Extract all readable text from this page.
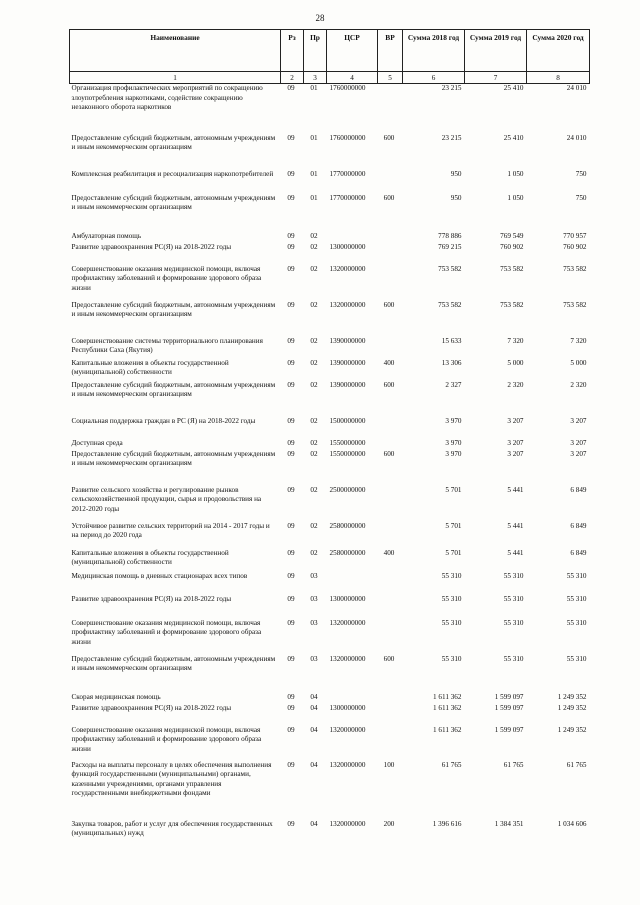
28
Наименование	Рз	Пр	ЦСР	ВР	Сумма 2018 год	Сумма 2019 год	Сумма 2020 год
1	2	3	4	5	6	7	8
Организация профилактических мероприятий по сокращению злоупотребления наркотиками, содействие сокращению незаконного оборота наркотиков	09	01	1760000000		23 215	25 410	24 010
Предоставление субсидий бюджетным, автономным учреждениям и иным некоммерческим организациям	09	01	1760000000	600	23 215	25 410	24 010
Комплексная реабилитация и ресоциализация наркопотребителей	09	01	1770000000		950	1 050	750
Предоставление субсидий бюджетным, автономным учреждениям и иным некоммерческим организациям	09	01	1770000000	600	950	1 050	750
Амбулаторная помощь	09	02			778 886	769 549	770 957
Развитие здравоохранения РС(Я) на 2018-2022 годы	09	02	1300000000		769 215	760 902	760 902
Совершенствование оказания медицинской помощи, включая профилактику заболеваний и формирование здорового образа жизни	09	02	1320000000		753 582	753 582	753 582
Предоставление субсидий бюджетным, автономным учреждениям и иным некоммерческим организациям	09	02	1320000000	600	753 582	753 582	753 582
Совершенствование системы территориального планирования Республики Саха (Якутия)	09	02	1390000000		15 633	7 320	7 320
Капитальные вложения в объекты государственной (муниципальной) собственности	09	02	1390000000	400	13 306	5 000	5 000
Предоставление субсидий бюджетным, автономным учреждениям и иным некоммерческим организациям	09	02	1390000000	600	2 327	2 320	2 320
Социальная поддержка граждан в РС (Я) на 2018-2022 годы	09	02	1500000000		3 970	3 207	3 207
Доступная среда	09	02	1550000000		3 970	3 207	3 207
Предоставление субсидий бюджетным, автономным учреждениям и иным некоммерческим организациям	09	02	1550000000	600	3 970	3 207	3 207
Развитие сельского хозяйства и регулирование рынков сельскохозяйственной продукции, сырья и продовольствия на 2012-2020 годы	09	02	2500000000		5 701	5 441	6 849
Устойчивое развитие сельских территорий на 2014 - 2017 годы и на период до 2020 года	09	02	2580000000		5 701	5 441	6 849
Капитальные вложения в объекты государственной (муниципальной) собственности	09	02	2580000000	400	5 701	5 441	6 849
Медицинская помощь в дневных стационарах всех типов	09	03			55 310	55 310	55 310
Развитие здравоохранения РС(Я) на 2018-2022 годы	09	03	1300000000		55 310	55 310	55 310
Совершенствование оказания медицинской помощи, включая профилактику заболеваний и формирование здорового образа жизни	09	03	1320000000		55 310	55 310	55 310
Предоставление субсидий бюджетным, автономным учреждениям и иным некоммерческим организациям	09	03	1320000000	600	55 310	55 310	55 310
Скорая медицинская помощь	09	04			1 611 362	1 599 097	1 249 352
Развитие здравоохранения РС(Я) на 2018-2022 годы	09	04	1300000000		1 611 362	1 599 097	1 249 352
Совершенствование оказания медицинской помощи, включая профилактику заболеваний и формирование здорового образа жизни	09	04	1320000000		1 611 362	1 599 097	1 249 352
Расходы на выплаты персоналу в целях обеспечения выполнения функций государственными (муниципальными) органами, казенными учреждениями, органами управления государственными внебюджетными фондами	09	04	1320000000	100	61 765	61 765	61 765
Закупка товаров, работ и услуг для обеспечения государственных (муниципальных) нужд	09	04	1320000000	200	1 396 616	1 384 351	1 034 606
